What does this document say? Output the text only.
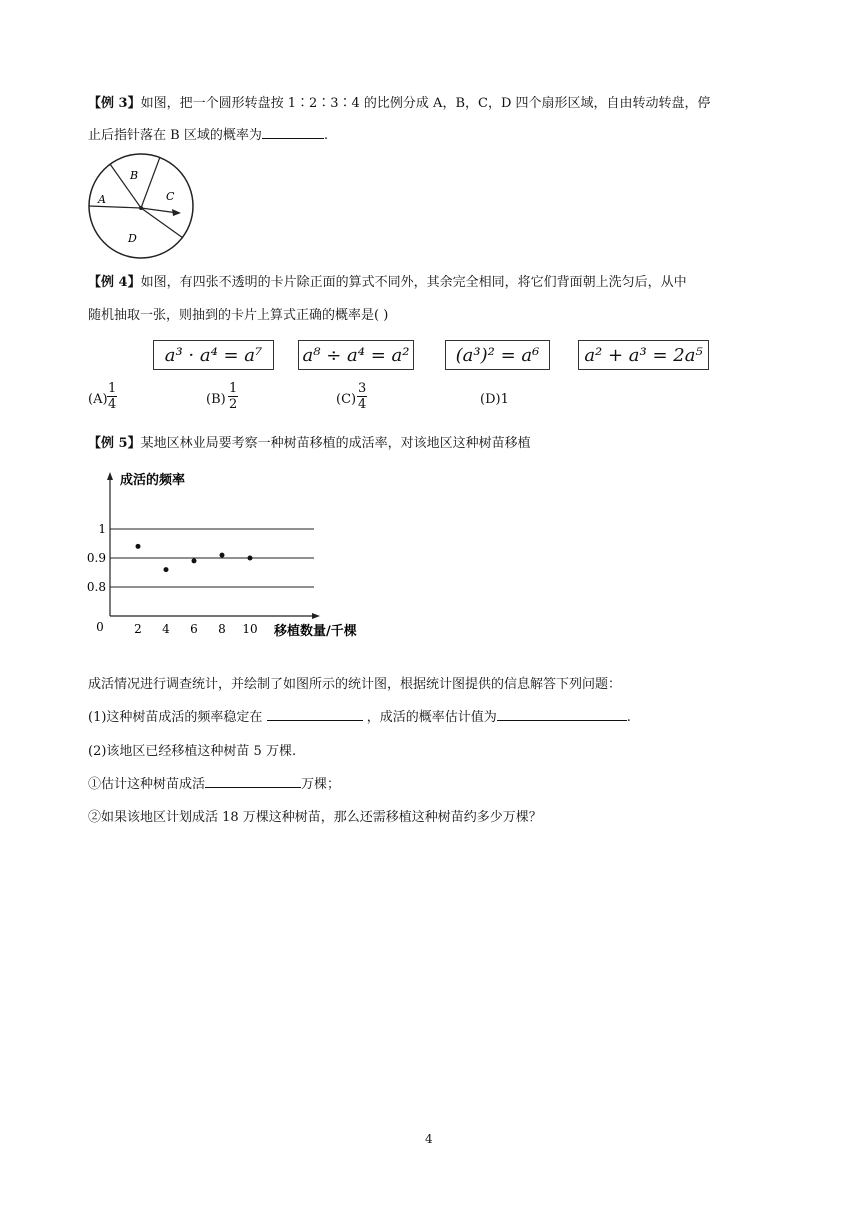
【例 3】如图，把一个圆形转盘按 1∶2∶3∶4 的比例分成 A，B，C，D 四个扇形区域，自由转动转盘，停
止后指针落在 B 区域的概率为	.
A
B
C
D
【例 4】如图，有四张不透明的卡片除正面的算式不同外，其余完全相同，将它们背面朝上洗匀后，从中
随机抽取一张，则抽到的卡片上算式正确的概率是( )
a³ · a⁴ = a⁷	a⁸ ÷ a⁴ = a²	(a³)² = a⁶	a² + a³ = 2a⁵
$(A) \frac{1}{4}$	$(B) \frac{1}{2}$	$(C) \frac{3}{4}$	(D)1
【例 5】某地区林业局要考察一种树苗移植的成活率，对该地区这种树苗移植
0.8
0.9
1
2 4 6 8 10
0
成活的频率
移植数量/千棵
成活情况进行调查统计，并绘制了如图所示的统计图，根据统计图提供的信息解答下列问题：
(1)这种树苗成活的频率稳定在	，成活的概率估计值为	.
(2)该地区已经移植这种树苗 5 万棵.
①估计这种树苗成活	万棵；
②如果该地区计划成活 18 万棵这种树苗，那么还需移植这种树苗约多少万棵？
4
